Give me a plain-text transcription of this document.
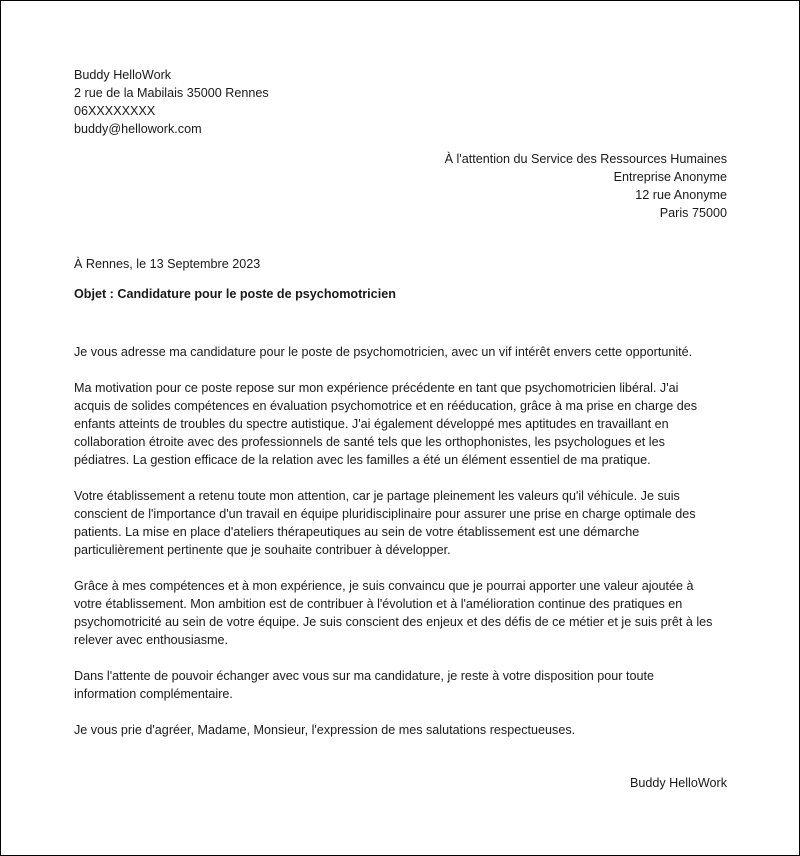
Buddy HelloWork
2 rue de la Mabilais 35000 Rennes
06XXXXXXXX
buddy@hellowork.com
À l'attention du Service des Ressources Humaines
Entreprise Anonyme
12 rue Anonyme
Paris 75000
À Rennes, le 13 Septembre 2023
Objet : Candidature pour le poste de psychomotricien

Je vous adresse ma candidature pour le poste de psychomotricien, avec un vif intérêt envers cette opportunité.

Ma motivation pour ce poste repose sur mon expérience précédente en tant que psychomotricien libéral. J'ai
acquis de solides compétences en évaluation psychomotrice et en rééducation, grâce à ma prise en charge des
enfants atteints de troubles du spectre autistique. J'ai également développé mes aptitudes en travaillant en
collaboration étroite avec des professionnels de santé tels que les orthophonistes, les psychologues et les
pédiatres. La gestion efficace de la relation avec les familles a été un élément essentiel de ma pratique.

Votre établissement a retenu toute mon attention, car je partage pleinement les valeurs qu'il véhicule. Je suis
conscient de l'importance d'un travail en équipe pluridisciplinaire pour assurer une prise en charge optimale des
patients. La mise en place d'ateliers thérapeutiques au sein de votre établissement est une démarche
particulièrement pertinente que je souhaite contribuer à développer.

Grâce à mes compétences et à mon expérience, je suis convaincu que je pourrai apporter une valeur ajoutée à
votre établissement. Mon ambition est de contribuer à l'évolution et à l'amélioration continue des pratiques en
psychomotricité au sein de votre équipe. Je suis conscient des enjeux et des défis de ce métier et je suis prêt à les
relever avec enthousiasme.

Dans l'attente de pouvoir échanger avec vous sur ma candidature, je reste à votre disposition pour toute
information complémentaire.

Je vous prie d'agréer, Madame, Monsieur, l'expression de mes salutations respectueuses.

Buddy HelloWork
